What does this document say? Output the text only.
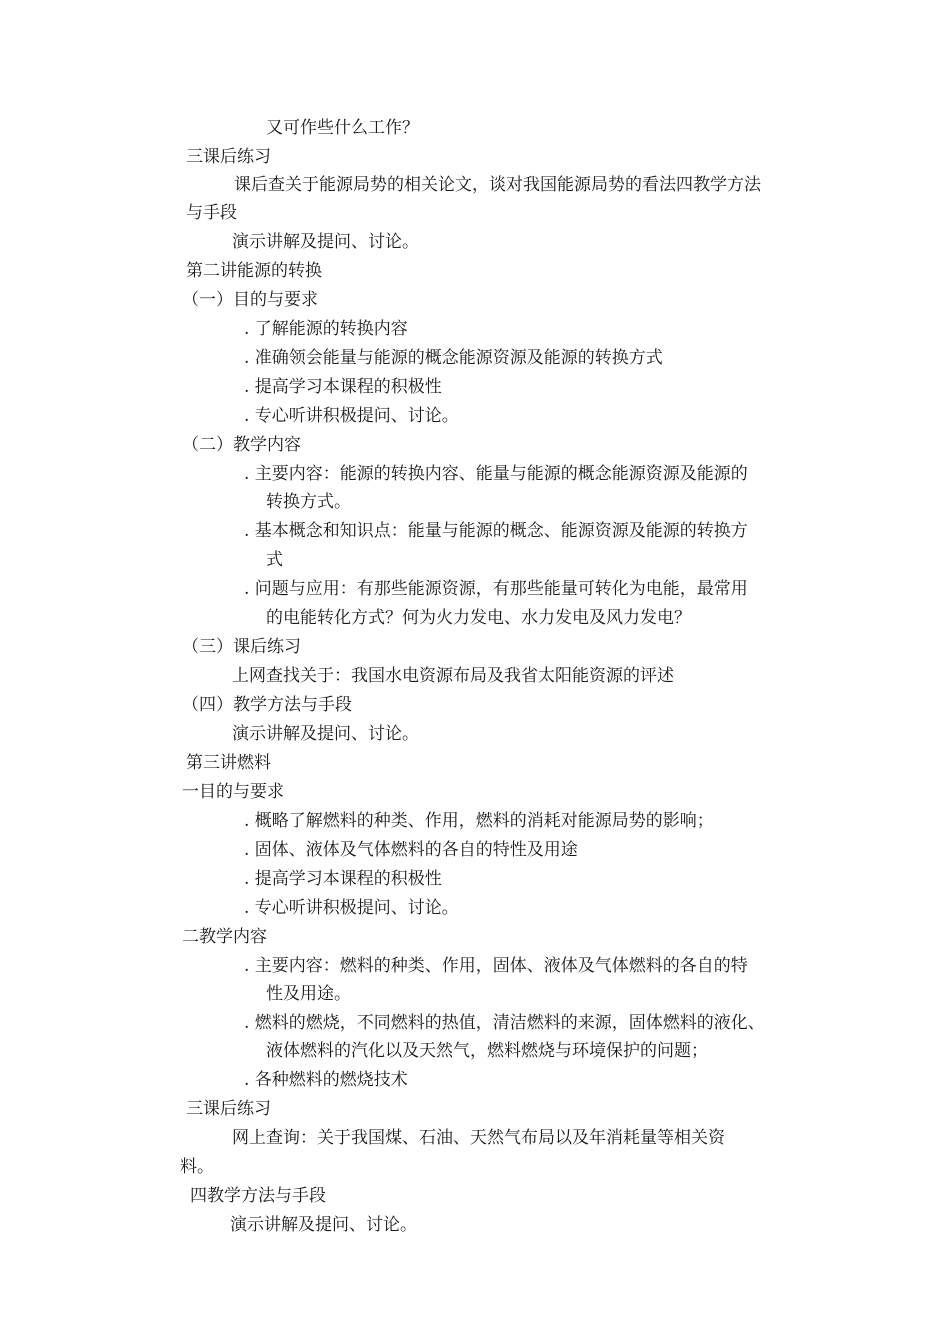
又可作些什么工作？
三课后练习
课后查关于能源局势的相关论文，谈对我国能源局势的看法四教学方法
与手段
演示讲解及提问、讨论。
第二讲能源的转换
（一）目的与要求
. 了解能源的转换内容
. 准确领会能量与能源的概念能源资源及能源的转换方式
. 提高学习本课程的积极性
. 专心听讲积极提问、讨论。
（二）教学内容
. 主要内容：能源的转换内容、能量与能源的概念能源资源及能源的
转换方式。
. 基本概念和知识点：能量与能源的概念、能源资源及能源的转换方
式
. 问题与应用：有那些能源资源，有那些能量可转化为电能，最常用
的电能转化方式？何为火力发电、水力发电及风力发电？
（三）课后练习
上网查找关于：我国水电资源布局及我省太阳能资源的评述
（四）教学方法与手段
演示讲解及提问、讨论。
第三讲燃料
一目的与要求
. 概略了解燃料的种类、作用，燃料的消耗对能源局势的影响；
. 固体、液体及气体燃料的各自的特性及用途
. 提高学习本课程的积极性
. 专心听讲积极提问、讨论。
二教学内容
. 主要内容：燃料的种类、作用，固体、液体及气体燃料的各自的特
性及用途。
. 燃料的燃烧，不同燃料的热值，清洁燃料的来源，固体燃料的液化、
液体燃料的汽化以及天然气，燃料燃烧与环境保护的问题；
. 各种燃料的燃烧技术
三课后练习
网上查询：关于我国煤、石油、天然气布局以及年消耗量等相关资
料。
四教学方法与手段
演示讲解及提问、讨论。
